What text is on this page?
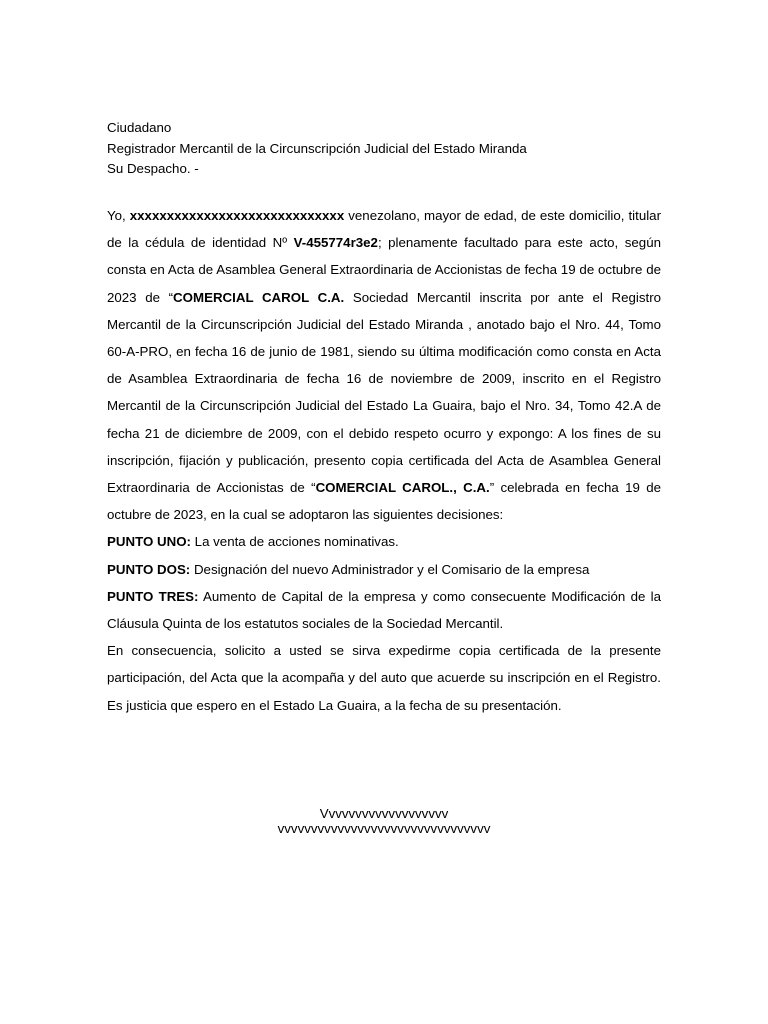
Ciudadano
Registrador Mercantil de la Circunscripción Judicial del Estado Miranda
Su Despacho. -

Yo, xxxxxxxxxxxxxxxxxxxxxxxxxxxxx venezolano, mayor de edad, de este domicilio, titular de la cédula de identidad Nº V-455774r3e2; plenamente facultado para este acto, según consta en Acta de Asamblea General Extraordinaria de Accionistas de fecha 19 de octubre de 2023 de “COMERCIAL CAROL C.A. Sociedad Mercantil inscrita por ante el Registro Mercantil de la Circunscripción Judicial del Estado Miranda , anotado bajo el Nro. 44, Tomo 60-A-PRO, en fecha 16 de junio de 1981, siendo su última modificación como consta en Acta de Asamblea Extraordinaria de fecha 16 de noviembre de 2009, inscrito en el Registro Mercantil de la Circunscripción Judicial del Estado La Guaira, bajo el Nro. 34, Tomo 42.A de fecha 21 de diciembre de 2009, con el debido respeto ocurro y expongo: A los fines de su inscripción, fijación y publicación, presento copia certificada del Acta de Asamblea General Extraordinaria de Accionistas de “COMERCIAL CAROL., C.A.” celebrada en fecha 19 de octubre de 2023, en la cual se adoptaron las siguientes decisiones:

PUNTO UNO: La venta de acciones nominativas.

PUNTO DOS: Designación del nuevo Administrador y el Comisario de la empresa

PUNTO TRES: Aumento de Capital de la empresa y como consecuente Modificación de la Cláusula Quinta de los estatutos sociales de la Sociedad Mercantil.

En consecuencia, solicito a usted se sirva expedirme copia certificada de la presente participación, del Acta que la acompaña y del auto que acuerde su inscripción en el Registro. Es justicia que espero en el Estado La Guaira, a la fecha de su presentación.

Vvvvvvvvvvvvvvvvvvv
vvvvvvvvvvvvvvvvvvvvvvvvvvvvvvvv
